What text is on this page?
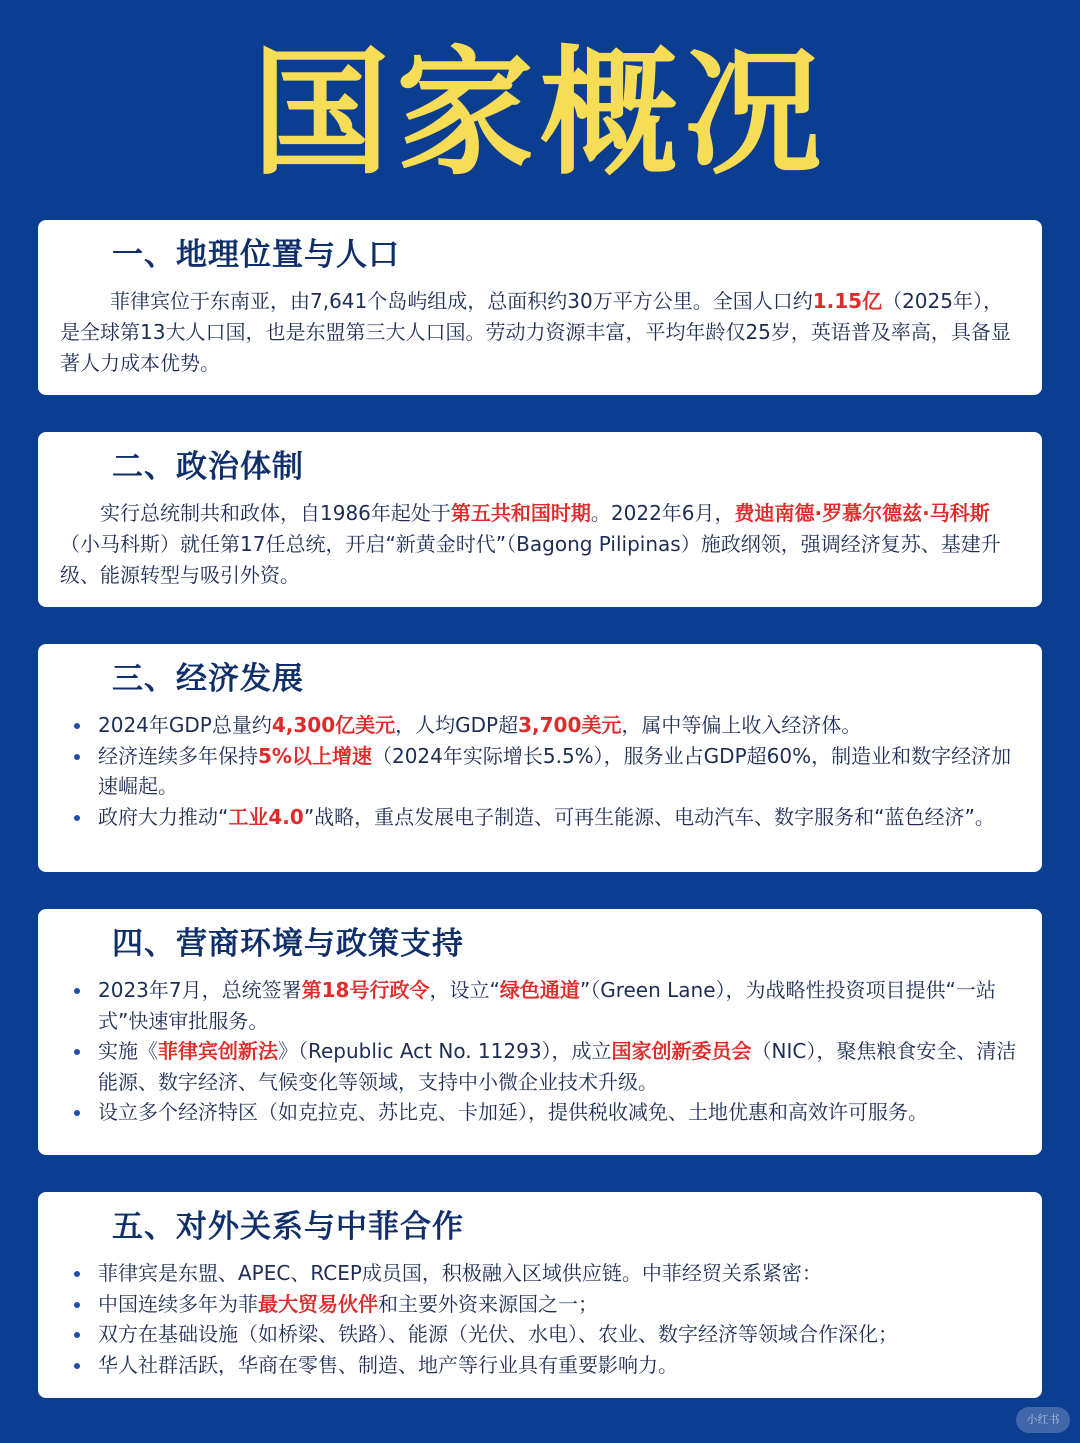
国家概况
一、地理位置与人口

菲律宾位于东南亚，由7,641个岛屿组成，总面积约30万平方公里。全国人口约1.15亿（2025年），是全球第13大人口国，也是东盟第三大人口国。劳动力资源丰富，平均年龄仅25岁，英语普及率高，具备显著人力成本优势。

二、政治体制

实行总统制共和政体，自1986年起处于第五共和国时期。2022年6月，费迪南德·罗慕尔德兹·马科斯（小马科斯）就任第17任总统，开启“新黄金时代”（Bagong Pilipinas）施政纲领，强调经济复苏、基建升级、能源转型与吸引外资。

三、经济发展
2024年GDP总量约4,300亿美元，人均GDP超3,700美元，属中等偏上收入经济体。
经济连续多年保持5%以上增速（2024年实际增长5.5%），服务业占GDP超60%，制造业和数字经济加速崛起。
政府大力推动“工业4.0”战略，重点发展电子制造、可再生能源、电动汽车、数字服务和“蓝色经济”。
四、营商环境与政策支持
2023年7月，总统签署第18号行政令，设立“绿色通道”（Green Lane），为战略性投资项目提供“一站式”快速审批服务。
实施《菲律宾创新法》（Republic Act No. 11293），成立国家创新委员会（NIC），聚焦粮食安全、清洁能源、数字经济、气候变化等领域，支持中小微企业技术升级。
设立多个经济特区（如克拉克、苏比克、卡加延），提供税收减免、土地优惠和高效许可服务。
五、对外关系与中菲合作
菲律宾是东盟、APEC、RCEP成员国，积极融入区域供应链。中菲经贸关系紧密：
中国连续多年为菲最大贸易伙伴和主要外资来源国之一；
双方在基础设施（如桥梁、铁路）、能源（光伏、水电）、农业、数字经济等领域合作深化；
华人社群活跃，华商在零售、制造、地产等行业具有重要影响力。
小红书
